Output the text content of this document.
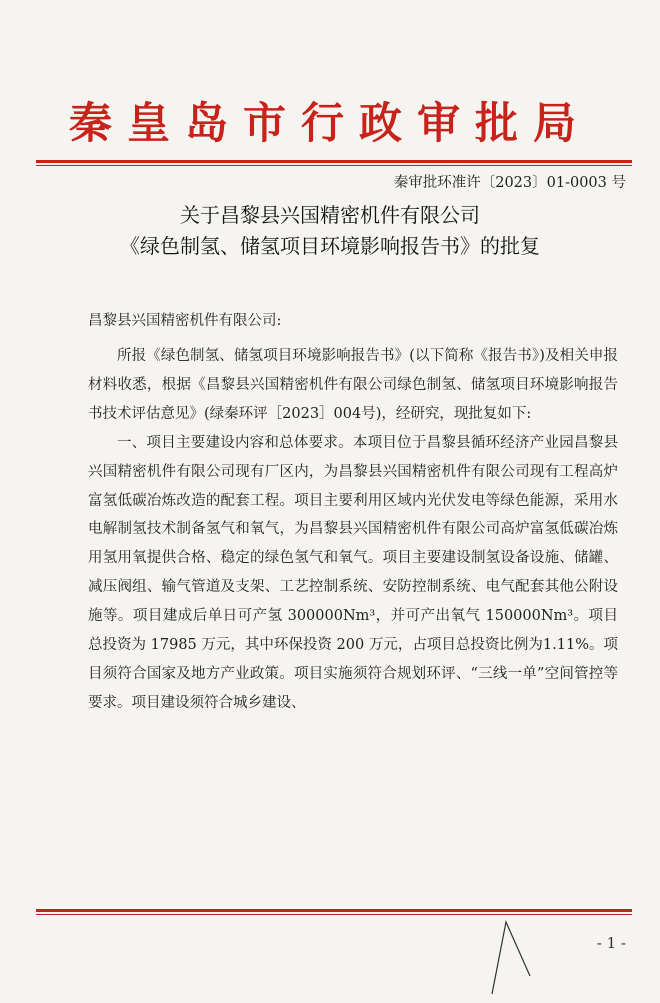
秦皇岛市行政审批局
秦审批环准许〔2023〕01-0003 号
关于昌黎县兴国精密机件有限公司
《绿色制氢、储氢项目环境影响报告书》的批复
昌黎县兴国精密机件有限公司:

所报《绿色制氢、储氢项目环境影响报告书》(以下简称《报告书》)及相关申报材料收悉，根据《昌黎县兴国精密机件有限公司绿色制氢、储氢项目环境影响报告书技术评估意见》(绿秦环评［2023］004号)，经研究，现批复如下:

一、项目主要建设内容和总体要求。本项目位于昌黎县循环经济产业园昌黎县兴国精密机件有限公司现有厂区内，为昌黎县兴国精密机件有限公司现有工程高炉富氢低碳冶炼改造的配套工程。项目主要利用区域内光伏发电等绿色能源，采用水电解制氢技术制备氢气和氧气，为昌黎县兴国精密机件有限公司高炉富氢低碳冶炼用氢用氧提供合格、稳定的绿色氢气和氧气。项目主要建设制氢设备设施、储罐、减压阀组、输气管道及支架、工艺控制系统、安防控制系统、电气配套其他公附设施等。项目建成后单日可产氢 300000Nm³，并可产出氧气 150000Nm³。项目总投资为 17985 万元，其中环保投资 200 万元，占项目总投资比例为1.11%。项目须符合国家及地方产业政策。项目实施须符合规划环评、“三线一单”空间管控等要求。项目建设须符合城乡建设、

- 1 -
